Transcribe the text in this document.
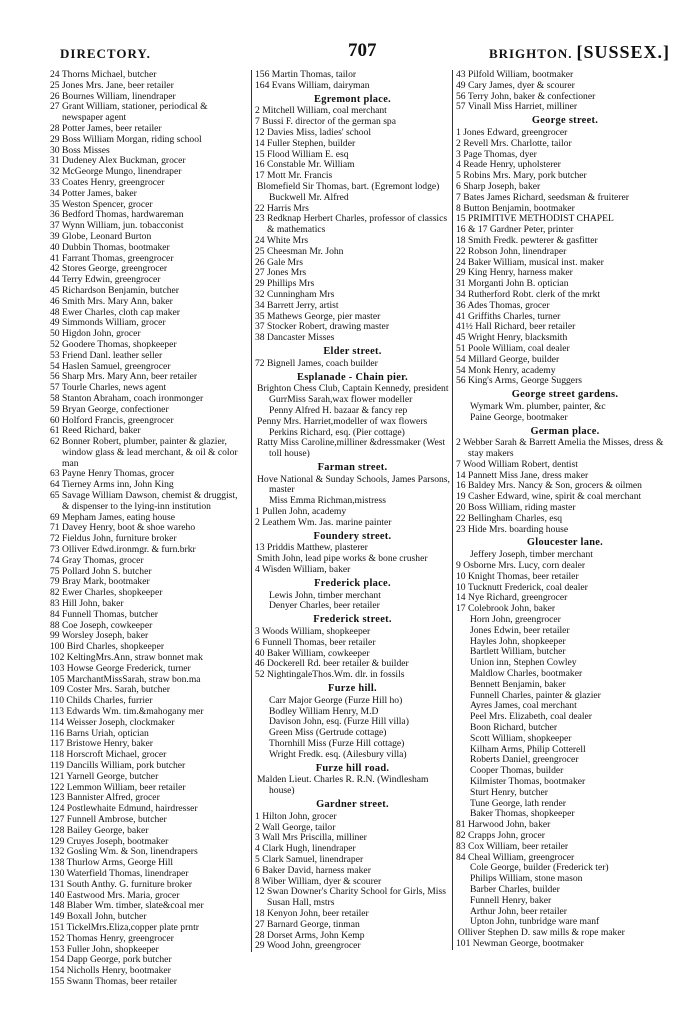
DIRECTORY.	707	BRIGHTON. [SUSSEX.]
24 Thorns Michael, butcher
25 Jones Mrs. Jane, beer retailer
26 Bournes William, linendraper
27 Grant William, stationer, periodical & newspaper agent
28 Potter James, beer retailer
29 Boss William Morgan, riding school
30 Boss Misses
31 Dudeney Alex Buckman, grocer
32 McGeorge Mungo, linendraper
33 Coates Henry, greengrocer
34 Potter James, baker
35 Weston Spencer, grocer
36 Bedford Thomas, hardwareman
37 Wynn William, jun. tobacconist
39 Globe, Leonard Burton
40 Dubbin Thomas, bootmaker
41 Farrant Thomas, greengrocer
42 Stores George, greengrocer
44 Terry Edwin, greengrocer
45 Richardson Benjamin, butcher
46 Smith Mrs. Mary Ann, baker
48 Ewer Charles, cloth cap maker
49 Simmonds William, grocer
50 Higdon John, grocer
52 Goodere Thomas, shopkeeper
53 Friend Danl. leather seller
54 Haslen Samuel, greengrocer
56 Sharp Mrs. Mary Ann, beer retailer
57 Tourle Charles, news agent
58 Stanton Abraham, coach ironmonger
59 Bryan George, confectioner
60 Holford Francis, greengrocer
61 Reed Richard, baker
62 Bonner Robert, plumber, painter & glazier, window glass & lead merchant, & oil & color man
63 Payne Henry Thomas, grocer
64 Tierney Arms inn, John King
65 Savage William Dawson, chemist & druggist, & dispenser to the lying-inn institution
69 Mepham James, eating house
71 Davey Henry, boot & shoe wareho
72 Fieldus John, furniture broker
73 Olliver Edwd.ironmgr. & furn.brkr
74 Gray Thomas, grocer
75 Pollard John S. butcher
79 Bray Mark, bootmaker
82 Ewer Charles, shopkeeper
83 Hill John, baker
84 Funnell Thomas, butcher
88 Coe Joseph, cowkeeper
99 Worsley Joseph, baker
100 Bird Charles, shopkeeper
102 KeltingMrs.Ann, straw bonnet mak
103 Howse George Frederick, turner
105 MarchantMissSarah, straw bon.ma
109 Coster Mrs. Sarah, butcher
110 Childs Charles, furrier
113 Edwards Wm. tim.&mahogany mer
114 Weisser Joseph, clockmaker
116 Barns Uriah, optician
117 Bristowe Henry, baker
118 Horscroft Michael, grocer
119 Dancills William, pork butcher
121 Yarnell George, butcher
122 Lemmon William, beer retailer
123 Bannister Alfred, grocer
124 Postlewhaite Edmund, hairdresser
127 Funnell Ambrose, butcher
128 Bailey George, baker
129 Cruyes Joseph, bootmaker
132 Gosling Wm. & Son, linendrapers
138 Thurlow Arms, George Hill
130 Waterfield Thomas, linendraper
131 South Anthy. G. furniture broker
140 Eastwood Mrs. Maria, grocer
148 Blaber Wm. timber, slate&coal mer
149 Boxall John, butcher
151 TickelMrs.Eliza,copper plate prntr
152 Thomas Henry, greengrocer
153 Fuller John, shopkeeper
154 Dapp George, pork butcher
154 Nicholls Henry, bootmaker
155 Swann Thomas, beer retailer
156 Martin Thomas, tailor
164 Evans William, dairyman
Egremont place.
2 Mitchell William, coal merchant
7 Bussi F. director of the german spa
12 Davies Miss, ladies' school
14 Fuller Stephen, builder
15 Flood William E. esq
16 Constable Mr. William
17 Mott Mr. Francis
Blomefield Sir Thomas, bart. (Egremont lodge)
Buckwell Mr. Alfred
22 Harris Mrs
23 Redknap Herbert Charles, professor of classics & mathematics
24 White Mrs
25 Cheesman Mr. John
26 Gale Mrs
27 Jones Mrs
29 Phillips Mrs
32 Cunningham Mrs
34 Barrett Jerry, artist
35 Mathews George, pier master
37 Stocker Robert, drawing master
38 Dancaster Misses
Elder street.
72 Bignell James, coach builder
Esplanade - Chain pier.
Brighton Chess Club, Captain Kennedy, president
GurrMiss Sarah,wax flower modeller
Penny Alfred H. bazaar & fancy rep
Penny Mrs. Harriet,modeller of wax flowers
Perkins Richard, esq. (Pier cottage)
Ratty Miss Caroline,milliner &dressmaker (West toll house)
Farman street.
Hove National & Sunday Schools, James Parsons, master
Miss Emma Richman,mistress
1 Pullen John, academy
2 Leathem Wm. Jas. marine painter
Foundery street.
13 Priddis Matthew, plasterer
Smith John, lead pipe works & bone crusher
4 Wisden William, baker
Frederick place.
Lewis John, timber merchant
Denyer Charles, beer retailer
Frederick street.
3 Woods William, shopkeeper
6 Funnell Thomas, beer retailer
40 Baker William, cowkeeper
46 Dockerell Rd. beer retailer & builder
52 NightingaleThos.Wm. dlr. in fossils
Furze hill.
Carr Major George (Furze Hill ho)
Bodley William Henry, M.D
Davison John, esq. (Furze Hill villa)
Green Miss (Gertrude cottage)
Thornhill Miss (Furze Hill cottage)
Wright Fredk. esq. (Ailesbury villa)
Furze hill road.
Malden Lieut. Charles R. R.N. (Windlesham house)
Gardner street.
1 Hilton John, grocer
2 Wall George, tailor
3 Wall Mrs Priscilla, milliner
4 Clark Hugh, linendraper
5 Clark Samuel, linendraper
6 Baker David, harness maker
8 Wiber William, dyer & scourer
12 Swan Downer's Charity School for Girls, Miss Susan Hall, mstrs
18 Kenyon John, beer retailer
27 Barnard George, tinman
28 Dorset Arms, John Kemp
29 Wood John, greengrocer
43 Pilfold William, bootmaker
49 Cary James, dyer & scourer
56 Terry John, baker & confectioner
57 Vinall Miss Harriet, milliner
George street.
1 Jones Edward, greengrocer
2 Revell Mrs. Charlotte, tailor
3 Page Thomas, dyer
4 Reade Henry, upholsterer
5 Robins Mrs. Mary, pork butcher
6 Sharp Joseph, baker
7 Bates James Richard, seedsman & fruiterer
8 Button Benjamin, bootmaker
15 PRIMITIVE METHODIST CHAPEL
16 & 17 Gardner Peter, printer
18 Smith Fredk. pewterer & gasfitter
22 Robson John, linendraper
24 Baker William, musical inst. maker
29 King Henry, harness maker
31 Morganti John B. optician
34 Rutherford Robt. clerk of the mrkt
36 Ades Thomas, grocer
41 Griffiths Charles, turner
41½ Hall Richard, beer retailer
45 Wright Henry, blacksmith
51 Poole William, coal dealer
54 Millard George, builder
54 Monk Henry, academy
56 King's Arms, George Suggers
George street gardens.
Wymark Wm. plumber, painter, &c
Paine George, bootmaker
German place.
2 Webber Sarah & Barrett Amelia the Misses, dress & stay makers
7 Wood William Robert, dentist
14 Pannett Miss Jane, dress maker
16 Baldey Mrs. Nancy & Son, grocers & oilmen
19 Casher Edward, wine, spirit & coal merchant
20 Boss William, riding master
22 Bellingham Charles, esq
23 Hide Mrs. boarding house
Gloucester lane.
Jeffery Joseph, timber merchant
9 Osborne Mrs. Lucy, corn dealer
10 Knight Thomas, beer retailer
10 Tucknutt Frederick, coal dealer
14 Nye Richard, greengrocer
17 Colebrook John, baker
Horn John, greengrocer
Jones Edwin, beer retailer
Hayles John, shopkeeper
Bartlett William, butcher
Union inn, Stephen Cowley
Maldlow Charles, bootmaker
Bennett Benjamin, baker
Funnell Charles, painter & glazier
Ayres James, coal merchant
Peel Mrs. Elizabeth, coal dealer
Boon Richard, butcher
Scott William, shopkeeper
Kilham Arms, Philip Cotterell
Roberts Daniel, greengrocer
Cooper Thomas, builder
Kilmister Thomas, bootmaker
Sturt Henry, butcher
Tune George, lath render
Baker Thomas, shopkeeper
81 Harwood John, baker
82 Crapps John, grocer
83 Cox William, beer retailer
84 Cheal William, greengrocer
Cole George, builder (Frederick ter)
Philips William, stone mason
Barber Charles, builder
Funnell Henry, baker
Arthur John, beer retailer
Upton John, tunbridge ware manf
Olliver Stephen D. saw mills & rope maker
101 Newman George, bootmaker
